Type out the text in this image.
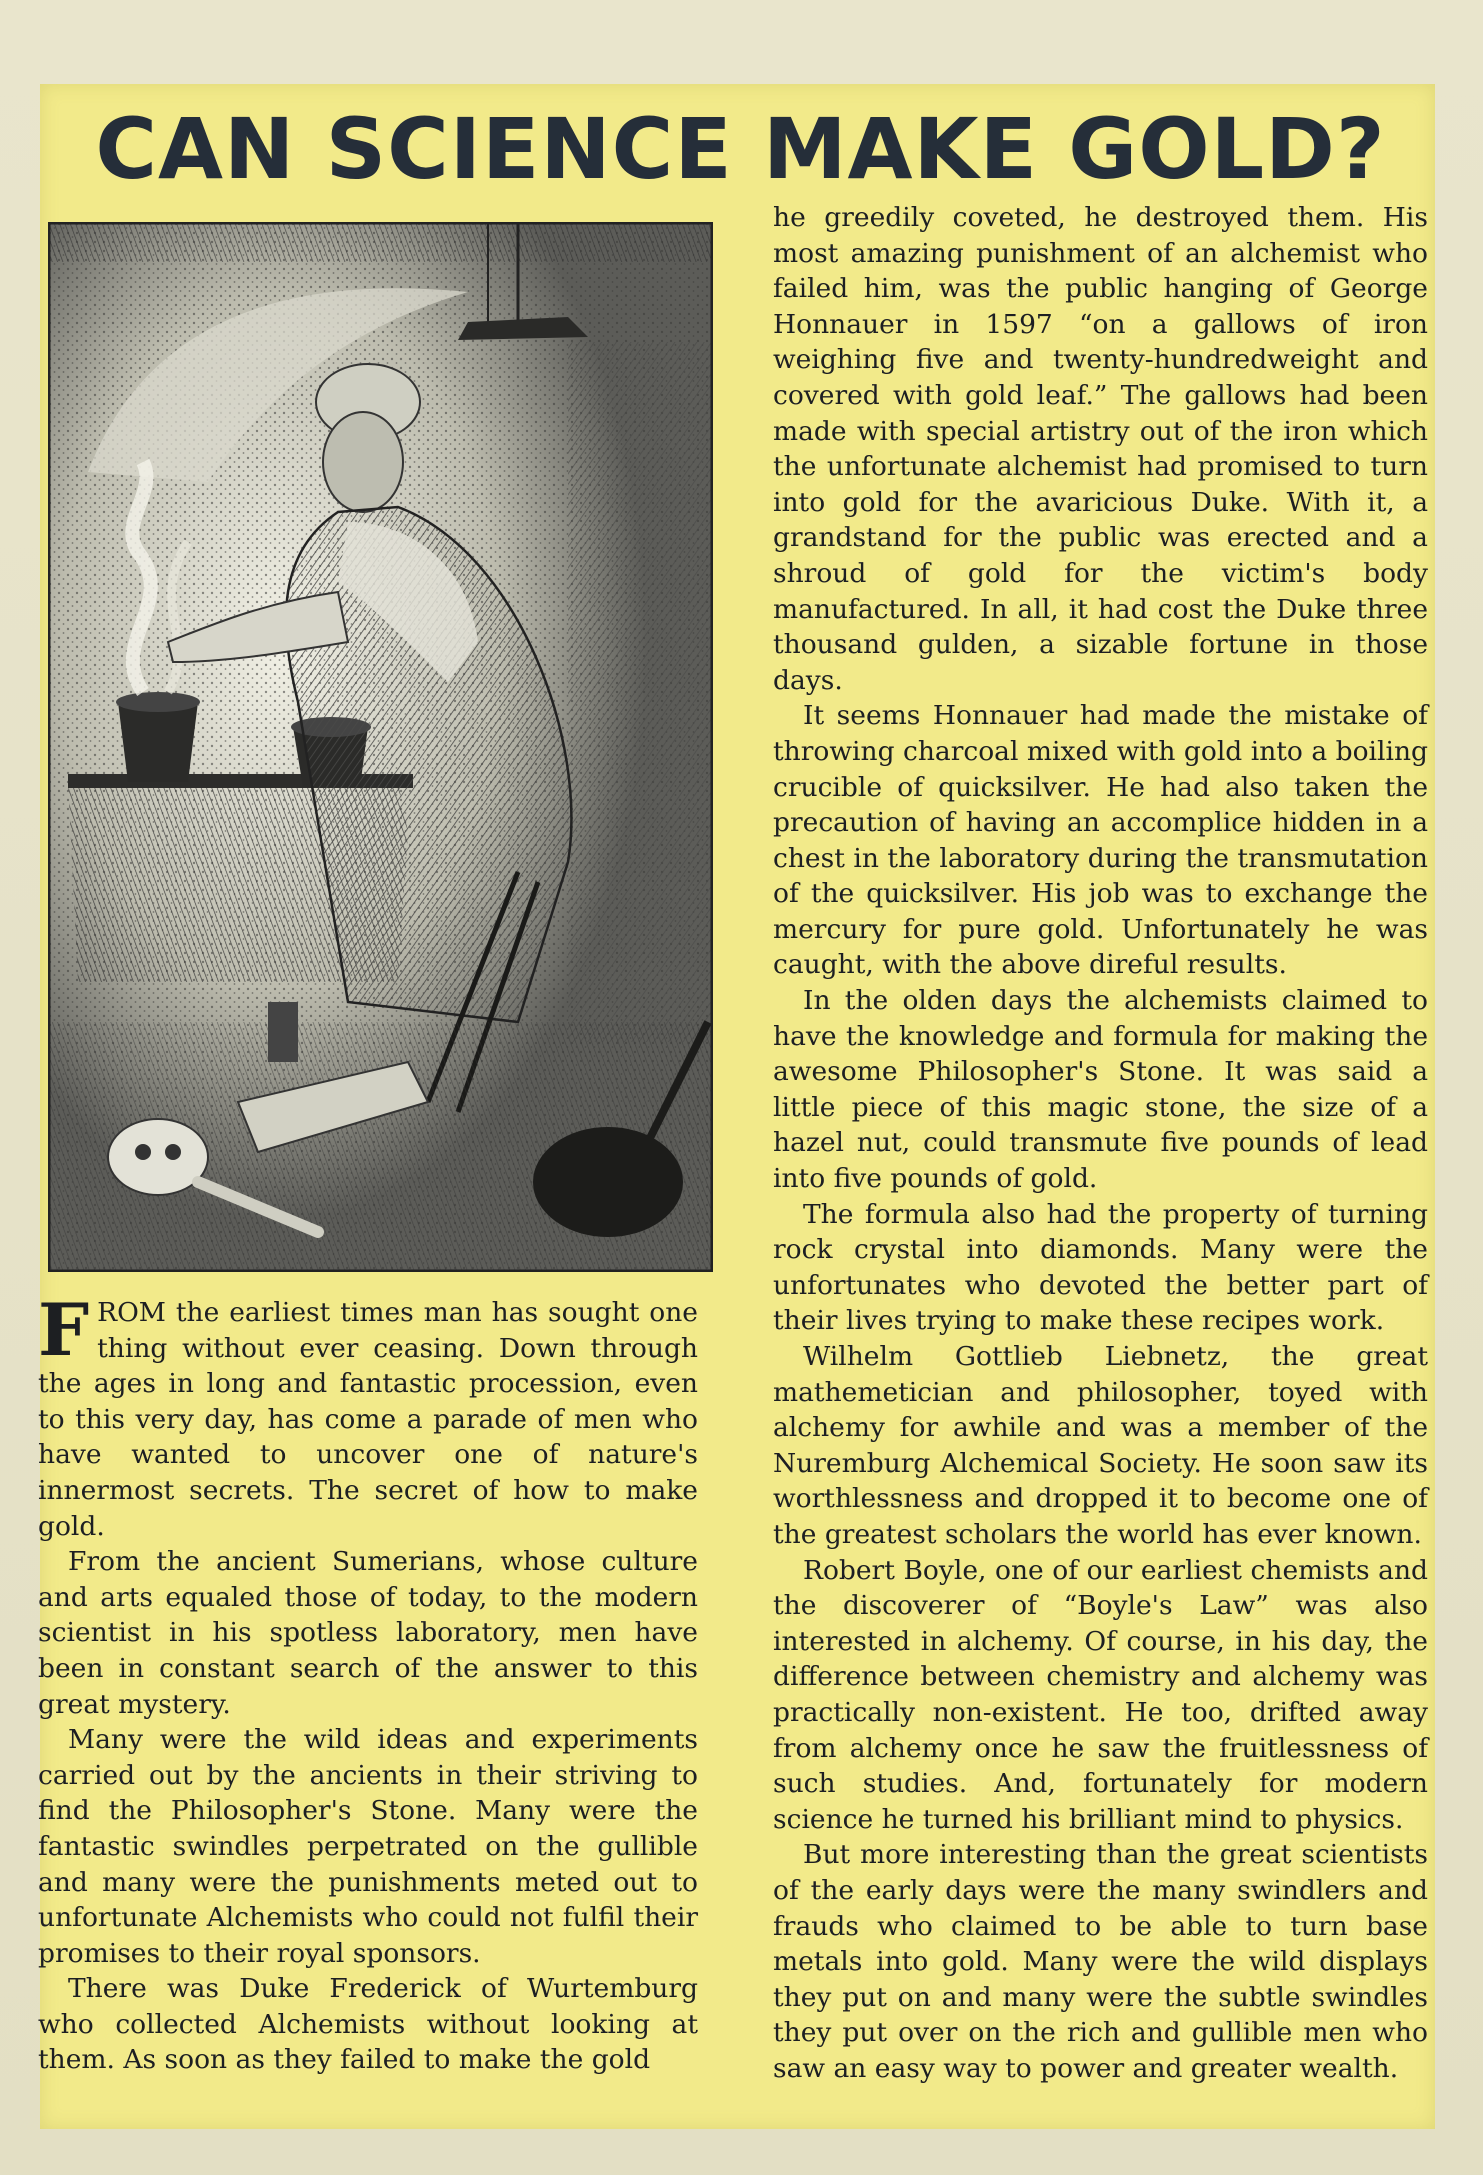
CAN SCIENCE MAKE GOLD?

FROM the earliest times man has sought one thing without ever ceasing. Down through the ages in long and fantastic procession, even to this very day, has come a parade of men who have wanted to uncover one of nature's innermost secrets. The secret of how to make gold.

From the ancient Sumerians, whose culture and arts equaled those of today, to the modern scientist in his spotless laboratory, men have been in constant search of the answer to this great mystery.

Many were the wild ideas and experiments carried out by the ancients in their striving to find the Philosopher's Stone. Many were the fantastic swindles perpetrated on the gullible and many were the punishments meted out to unfortunate Alchemists who could not fulfil their promises to their royal sponsors.

There was Duke Frederick of Wurtemburg who collected Alchemists without looking at them. As soon as they failed to make the gold

he greedily coveted, he destroyed them. His most amazing punishment of an alchemist who failed him, was the public hanging of George Honnauer in 1597 “on a gallows of iron weighing five and twenty-hundredweight and covered with gold leaf.” The gallows had been made with special artistry out of the iron which the unfortunate alchemist had promised to turn into gold for the avaricious Duke. With it, a grandstand for the public was erected and a shroud of gold for the victim's body manufactured. In all, it had cost the Duke three thousand gulden, a sizable fortune in those days.

It seems Honnauer had made the mistake of throwing charcoal mixed with gold into a boiling crucible of quicksilver. He had also taken the precaution of having an accomplice hidden in a chest in the laboratory during the transmutation of the quicksilver. His job was to exchange the mercury for pure gold. Unfortunately he was caught, with the above direful results.

In the olden days the alchemists claimed to have the knowledge and formula for making the awesome Philosopher's Stone. It was said a little piece of this magic stone, the size of a hazel nut, could transmute five pounds of lead into five pounds of gold.

The formula also had the property of turning rock crystal into diamonds. Many were the unfortunates who devoted the better part of their lives trying to make these recipes work.

Wilhelm Gottlieb Liebnetz, the great mathemetician and philosopher, toyed with alchemy for awhile and was a member of the Nuremburg Alchemical Society. He soon saw its worthlessness and dropped it to become one of the greatest scholars the world has ever known.

Robert Boyle, one of our earliest chemists and the discoverer of “Boyle's Law” was also interested in alchemy. Of course, in his day, the difference between chemistry and alchemy was practically non-existent. He too, drifted away from alchemy once he saw the fruitlessness of such studies. And, fortunately for modern science he turned his brilliant mind to physics.

But more interesting than the great scientists of the early days were the many swindlers and frauds who claimed to be able to turn base metals into gold. Many were the wild displays they put on and many were the subtle swindles they put over on the rich and gullible men who saw an easy way to power and greater wealth.
